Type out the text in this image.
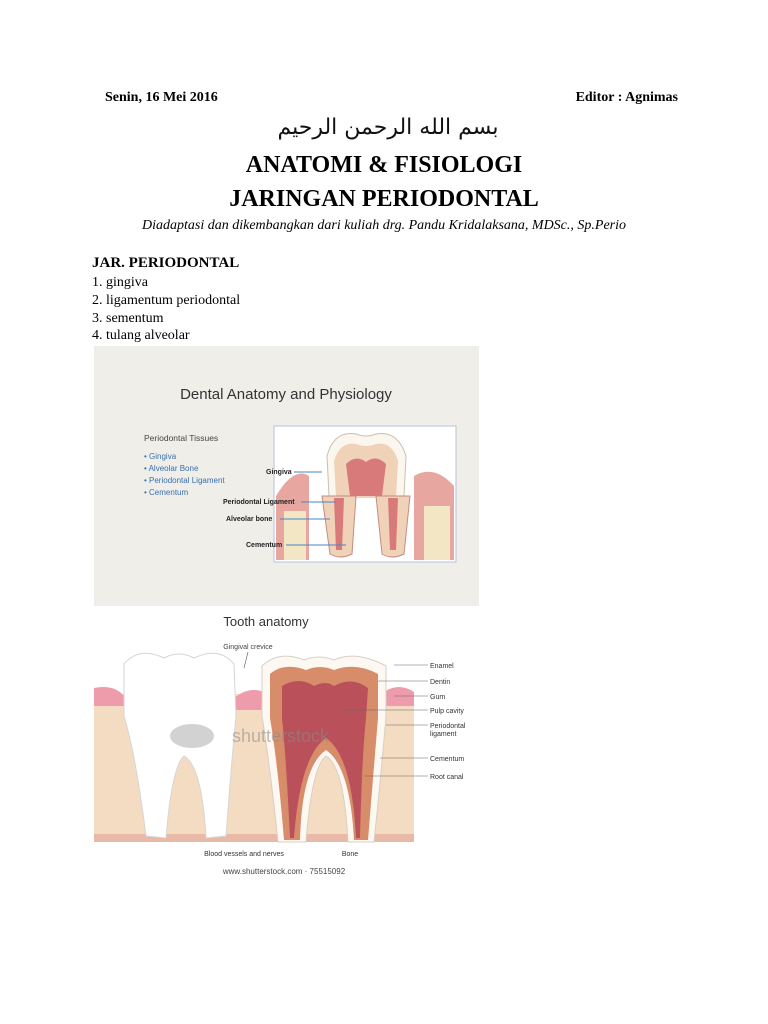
Senin, 16 Mei 2016	Editor : Agnimas
بسم الله الرحمن الرحيم
ANATOMI & FISIOLOGI
JARINGAN PERIODONTAL
Diadaptasi dan dikembangkan dari kuliah drg. Pandu Kridalaksana, MDSc., Sp.Perio
JAR. PERIODONTAL
1. gingiva
2. ligamentum periodontal
3. sementum
4. tulang alveolar
Dental Anatomy and Physiology
Periodontal Tissues
• Gingiva
• Alveolar Bone
• Periodontal Ligament
• Cementum
Gingiva
Periodontal Ligament
Alveolar bone
Cementum
Tooth anatomy
Gingival crevice
shutterstock
Enamel
Dentin
Gum
Pulp cavity
Periodontal
ligament
Cementum
Root canal
Blood vessels and nerves	Bone
www.shutterstock.com · 75515092
